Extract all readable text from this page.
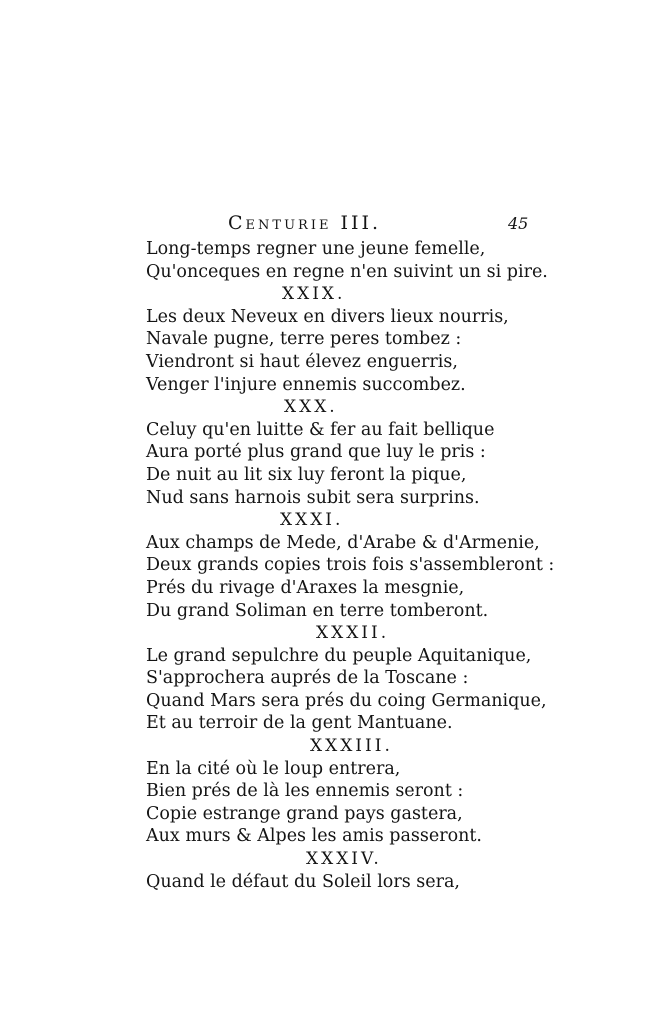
Centurie III.	45
Long-temps regner une jeune femelle,
Qu'onceques en regne n'en suivint un si pire.
XXIX.
Les deux Neveux en divers lieux nourris,
Navale pugne, terre peres tombez :
Viendront si haut élevez enguerris,
Venger l'injure ennemis succombez.
XXX.
Celuy qu'en luitte & fer au fait bellique
Aura porté plus grand que luy le pris :
De nuit au lit six luy feront la pique,
Nud sans harnois subit sera surprins.
XXXI.
Aux champs de Mede, d'Arabe & d'Armenie,
Deux grands copies trois fois s'assembleront :
Prés du rivage d'Araxes la mesgnie,
Du grand Soliman en terre tomberont.
XXXII.
Le grand sepulchre du peuple Aquitanique,
S'approchera auprés de la Toscane :
Quand Mars sera prés du coing Germanique,
Et au terroir de la gent Mantuane.
XXXIII.
En la cité où le loup entrera,
Bien prés de là les ennemis seront :
Copie estrange grand pays gastera,
Aux murs & Alpes les amis passeront.
XXXIV.
Quand le défaut du Soleil lors sera,
